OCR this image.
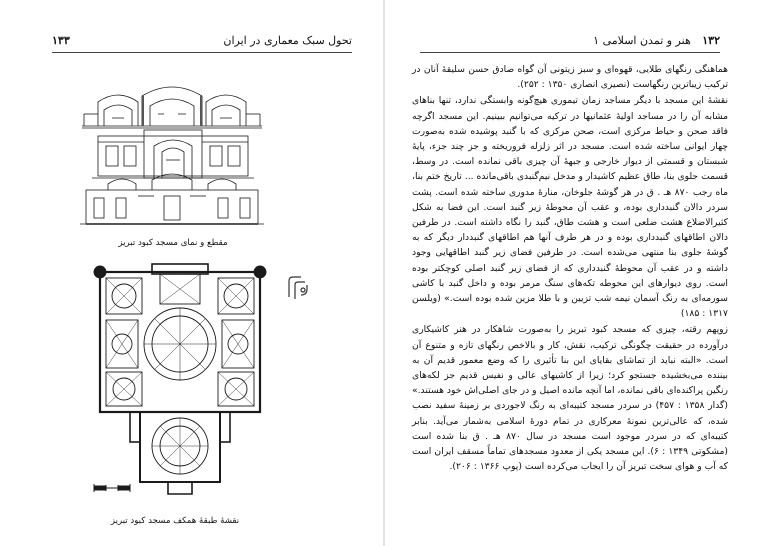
تحول سبک معماری در ایران
۱۳۳	۱۳۲ هنر و تمدن اسلامی ۱
مقطع و نمای مسجد کبود تبریز
نقشهٔ طبقهٔ همکف مسجد کبود تبریز

هماهنگی رنگهای طلایی، قهوه‌ای و سبز زیتونی آن گواه صادق حسن سلیقهٔ آنان در ترکیب زیباترین رنگهاست (نصیری انصاری ۱۳۵۰ : ۲۵۲).

نقشهٔ این مسجد با دیگر مساجد زمان تیموری هیچ‌گونه وابستگی ندارد، تنها بناهای مشابه آن را در مساجد اولیهٔ عثمانیها در ترکیه می‌توانیم ببینیم. این مسجد اگرچه فاقد صحن و حیاط مرکزی است، صحن مرکزی که با گنبد پوشیده شده به‌صورت چهار ایوانی ساخته شده است. مسجد در اثر زلزله فروریخته و جز چند جزء، پایهٔ شبستان و قسمتی از دیوار خارجی و جبههٔ آن چیزی باقی نمانده است. در وسط، قسمت جلوی بنا، طاق عظیم کاشیدار و مدخل نیم‌گنبدی باقی‌مانده ... تاریخ ختم بنا، ماه رجب ۸۷۰ هـ . ق در هر گوشهٔ جلوخان، منارهٔ مدوری ساخته شده است. پشت سردر دالان گنبدداری بوده، و عقب آن محوطهٔ زیر گنبد است. این فضا به شکل کثیرالاضلاع هشت ضلعی است و هشت طاق، گنبد را نگاه داشته است. در طرفین دالان اطاقهای گنبدداری بوده و در هر طرف آنها هم اطاقهای گنبددار دیگر که به گوشهٔ جلوی بنا منتهی می‌شده است. در طرفین فضای زیر گنبد اطاقهایی وجود داشته و در عقب آن محوطهٔ گنبدداری که از فضای زیر گنبد اصلی کوچکتر بوده است. روی دیوارهای این محوطه تکه‌های سنگ مرمر بوده و داخل گنبد با کاشی سورمه‌ای به رنگ آسمان نیمه شب تزیین و با طلا مزین شده بوده است.» (ویلسن ۱۳۱۷ : ۱۸۵)

زوپهم رقته، چیزی که مسجد کبود تبریز را به‌صورت شاهکار در هنر کاشیکاری درآورده در حقیقت چگونگی ترکیب، نقش، کار و بالاخص رنگهای تازه و متنوع آن است. «البته نباید از تماشای بقایای این بنا تأثیری را که وضع معمور قدیم آن به بیننده می‌بخشیده جستجو کرد؛ زیرا از کاشیهای عالی و نفیس قدیم جز لکه‌های رنگین پراکنده‌ای باقی نمانده، اما آنچه مانده اصیل و در جای اصلی‌اش خود هستند.» (گدار ۱۳۵۸ : ۴۵۷) در سردر مسجد کتیبه‌ای به رنگ لاجوردی بر زمینهٔ سفید نصب شده، که عالی‌ترین نمونهٔ معرکاری در تمام دورهٔ اسلامی به‌شمار می‌آید. بنابر کتیبه‌ای که در سردر موجود است مسجد در سال ۸۷۰ هـ . ق بنا شده است (مشکوتی ۱۳۴۹ : ۶). این مسجد یکی از معدود مسجدهای تماماً مسقف ایران است که آب و هوای سخت تبریز آن را ایجاب می‌کرده است (پوپ ۱۳۶۶ : ۲۰۶).
